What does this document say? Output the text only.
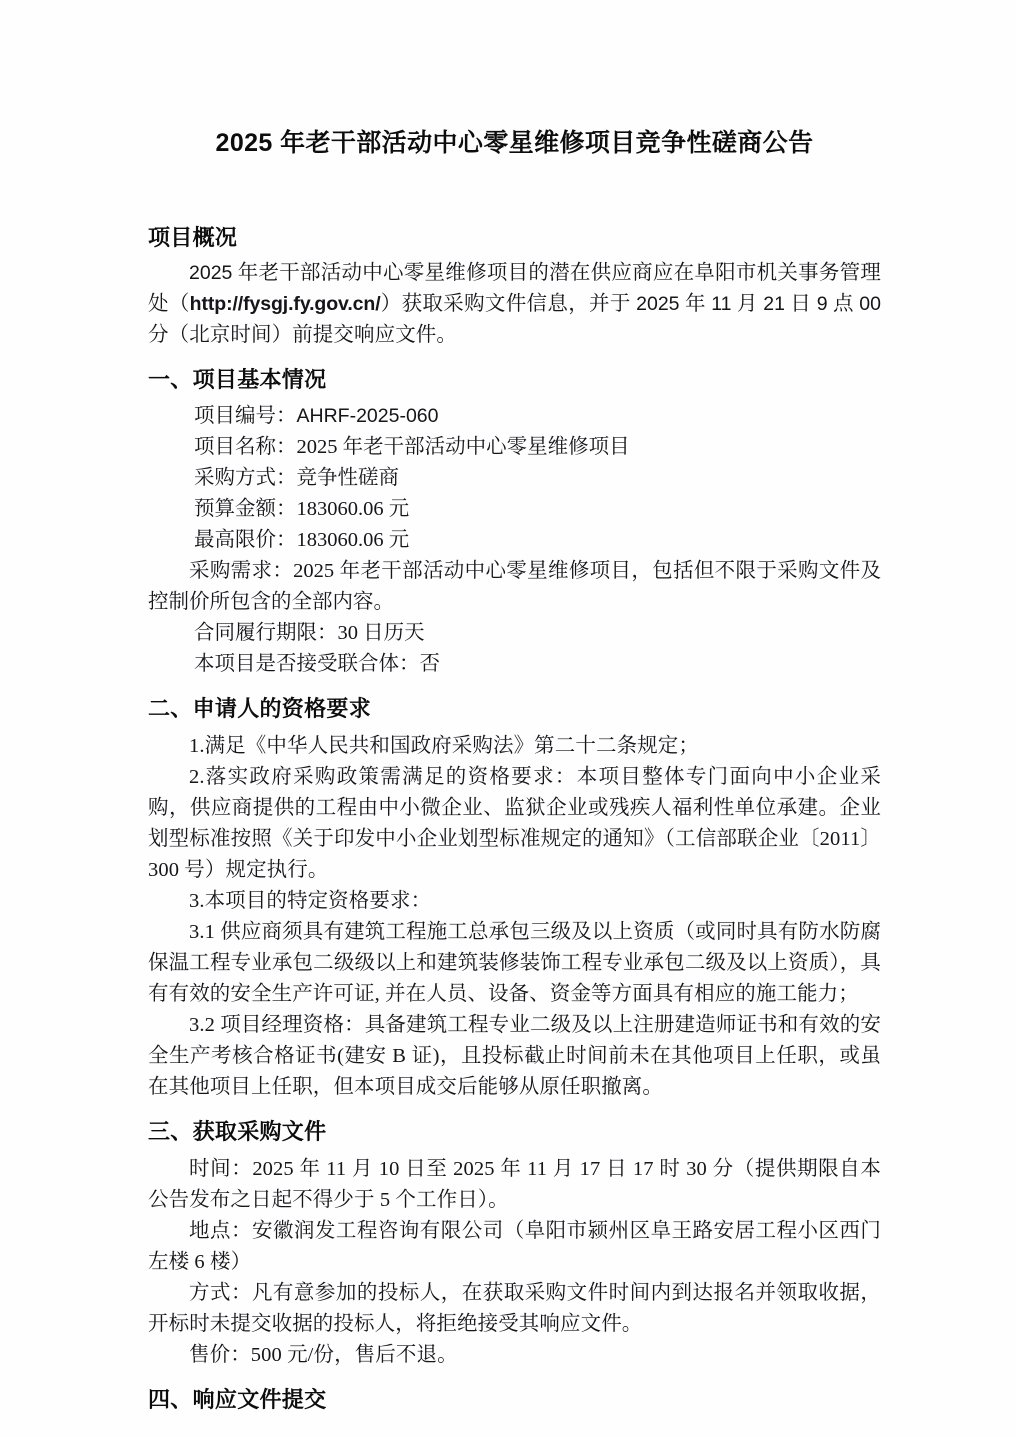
2025 年老干部活动中心零星维修项目竞争性磋商公告
项目概况

2025 年老干部活动中心零星维修项目的潜在供应商应在阜阳市机关事务管理处（http://fysgj.fy.gov.cn/）获取采购文件信息，并于 2025 年 11 月 21 日 9 点 00 分（北京时间）前提交响应文件。

一、项目基本情况

项目编号：AHRF-2025-060

项目名称：2025 年老干部活动中心零星维修项目

采购方式：竞争性磋商

预算金额：183060.06 元

最高限价：183060.06 元

采购需求：2025 年老干部活动中心零星维修项目，包括但不限于采购文件及控制价所包含的全部内容。

合同履行期限：30 日历天

本项目是否接受联合体：否

二、申请人的资格要求

1.满足《中华人民共和国政府采购法》第二十二条规定；

2.落实政府采购政策需满足的资格要求：本项目整体专门面向中小企业采购，供应商提供的工程由中小微企业、监狱企业或残疾人福利性单位承建。企业划型标准按照《关于印发中小企业划型标准规定的通知》（工信部联企业〔2011〕300 号）规定执行。

3.本项目的特定资格要求：

3.1 供应商须具有建筑工程施工总承包三级及以上资质（或同时具有防水防腐保温工程专业承包二级级以上和建筑装修装饰工程专业承包二级及以上资质），具有有效的安全生产许可证, 并在人员、设备、资金等方面具有相应的施工能力；

3.2 项目经理资格：具备建筑工程专业二级及以上注册建造师证书和有效的安全生产考核合格证书(建安 B 证)，且投标截止时间前未在其他项目上任职，或虽在其他项目上任职，但本项目成交后能够从原任职撤离。

三、获取采购文件

时间：2025 年 11 月 10 日至 2025 年 11 月 17 日 17 时 30 分（提供期限自本公告发布之日起不得少于 5 个工作日）。

地点：安徽润发工程咨询有限公司（阜阳市颍州区阜王路安居工程小区西门左楼 6 楼）

方式：凡有意参加的投标人，在获取采购文件时间内到达报名并领取收据，开标时未提交收据的投标人，将拒绝接受其响应文件。

售价：500 元/份，售后不退。

四、响应文件提交
